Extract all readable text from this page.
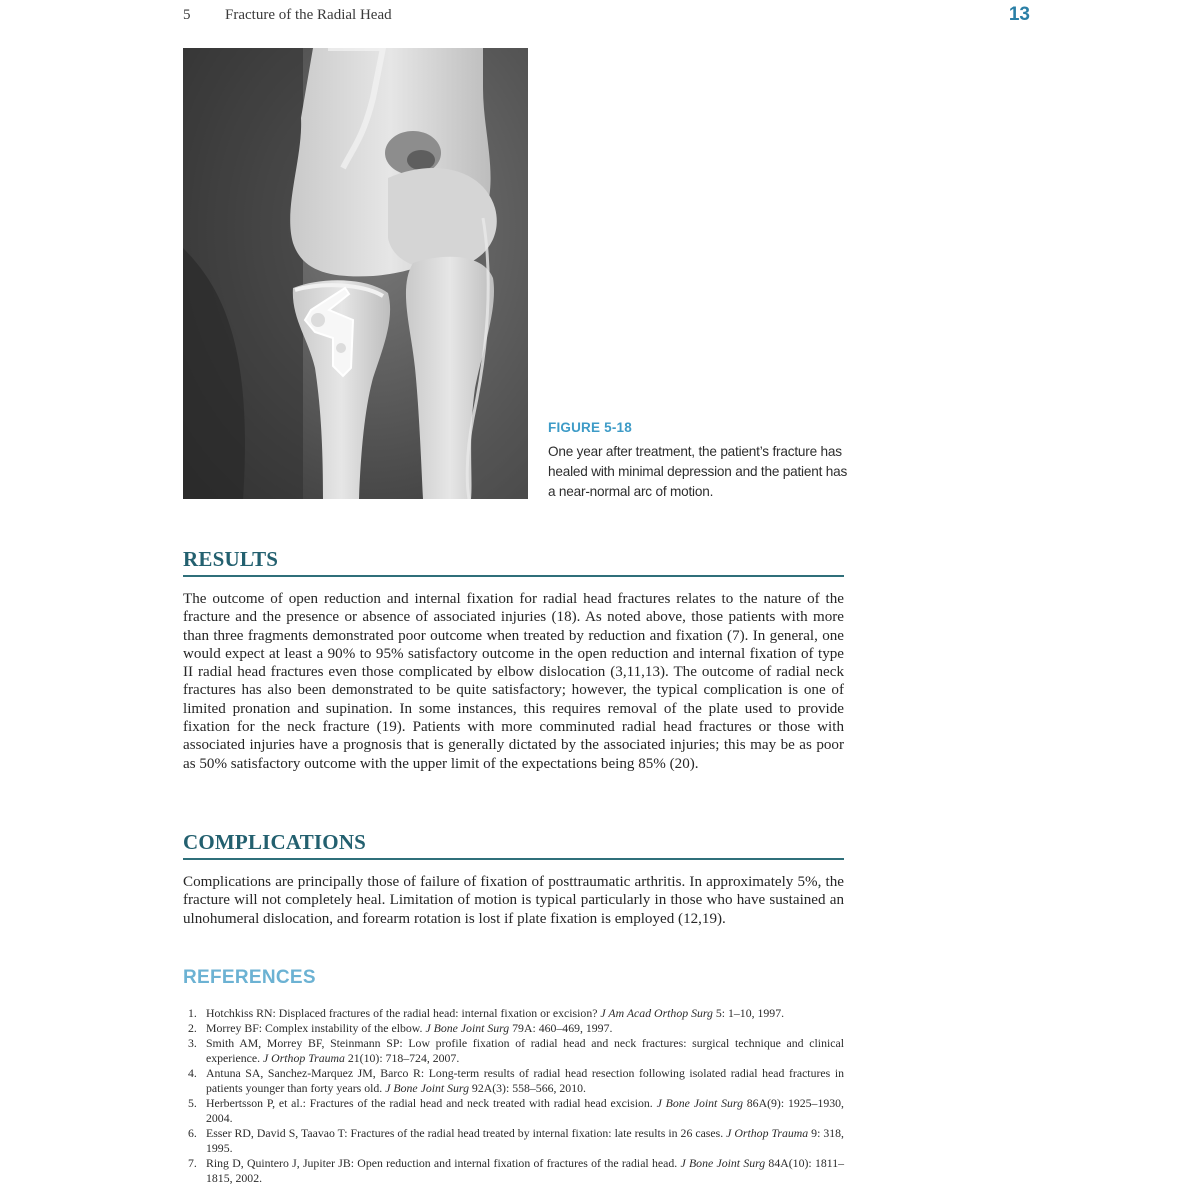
5 Fracture of the Radial Head	13
FIGURE 5-18
One year after treatment, the patient’s fracture has healed with minimal depression and the patient has a near-normal arc of motion.
RESULTS

The outcome of open reduction and internal fixation for radial head fractures relates to the nature of the fracture and the presence or absence of associated injuries (18). As noted above, those patients with more than three fragments demonstrated poor outcome when treated by reduction and fixation (7). In general, one would expect at least a 90% to 95% satisfactory outcome in the open reduction and internal fixation of type II radial head fractures even those complicated by elbow dislocation (3,11,13). The outcome of radial neck fractures has also been demonstrated to be quite satisfactory; however, the typical complication is one of limited pronation and supination. In some instances, this requires removal of the plate used to provide fixation for the neck fracture (19). Patients with more comminuted radial head fractures or those with associated injuries have a prognosis that is generally dictated by the associated injuries; this may be as poor as 50% satisfactory outcome with the upper limit of the expectations being 85% (20).

COMPLICATIONS

Complications are principally those of failure of fixation of posttraumatic arthritis. In approximately 5%, the fracture will not completely heal. Limitation of motion is typical particularly in those who have sustained an ulnohumeral dislocation, and forearm rotation is lost if plate fixation is employed (12,19).

REFERENCES
1. Hotchkiss RN: Displaced fractures of the radial head: internal fixation or excision? J Am Acad Orthop Surg 5: 1–10, 1997.
2. Morrey BF: Complex instability of the elbow. J Bone Joint Surg 79A: 460–469, 1997.
3. Smith AM, Morrey BF, Steinmann SP: Low profile fixation of radial head and neck fractures: surgical technique and clinical experience. J Orthop Trauma 21(10): 718–724, 2007.
4. Antuna SA, Sanchez-Marquez JM, Barco R: Long-term results of radial head resection following isolated radial head fractures in patients younger than forty years old. J Bone Joint Surg 92A(3): 558–566, 2010.
5. Herbertsson P, et al.: Fractures of the radial head and neck treated with radial head excision. J Bone Joint Surg 86A(9): 1925–1930, 2004.
6. Esser RD, David S, Taavao T: Fractures of the radial head treated by internal fixation: late results in 26 cases. J Orthop Trauma 9: 318, 1995.
7. Ring D, Quintero J, Jupiter JB: Open reduction and internal fixation of fractures of the radial head. J Bone Joint Surg 84A(10): 1811–1815, 2002.
